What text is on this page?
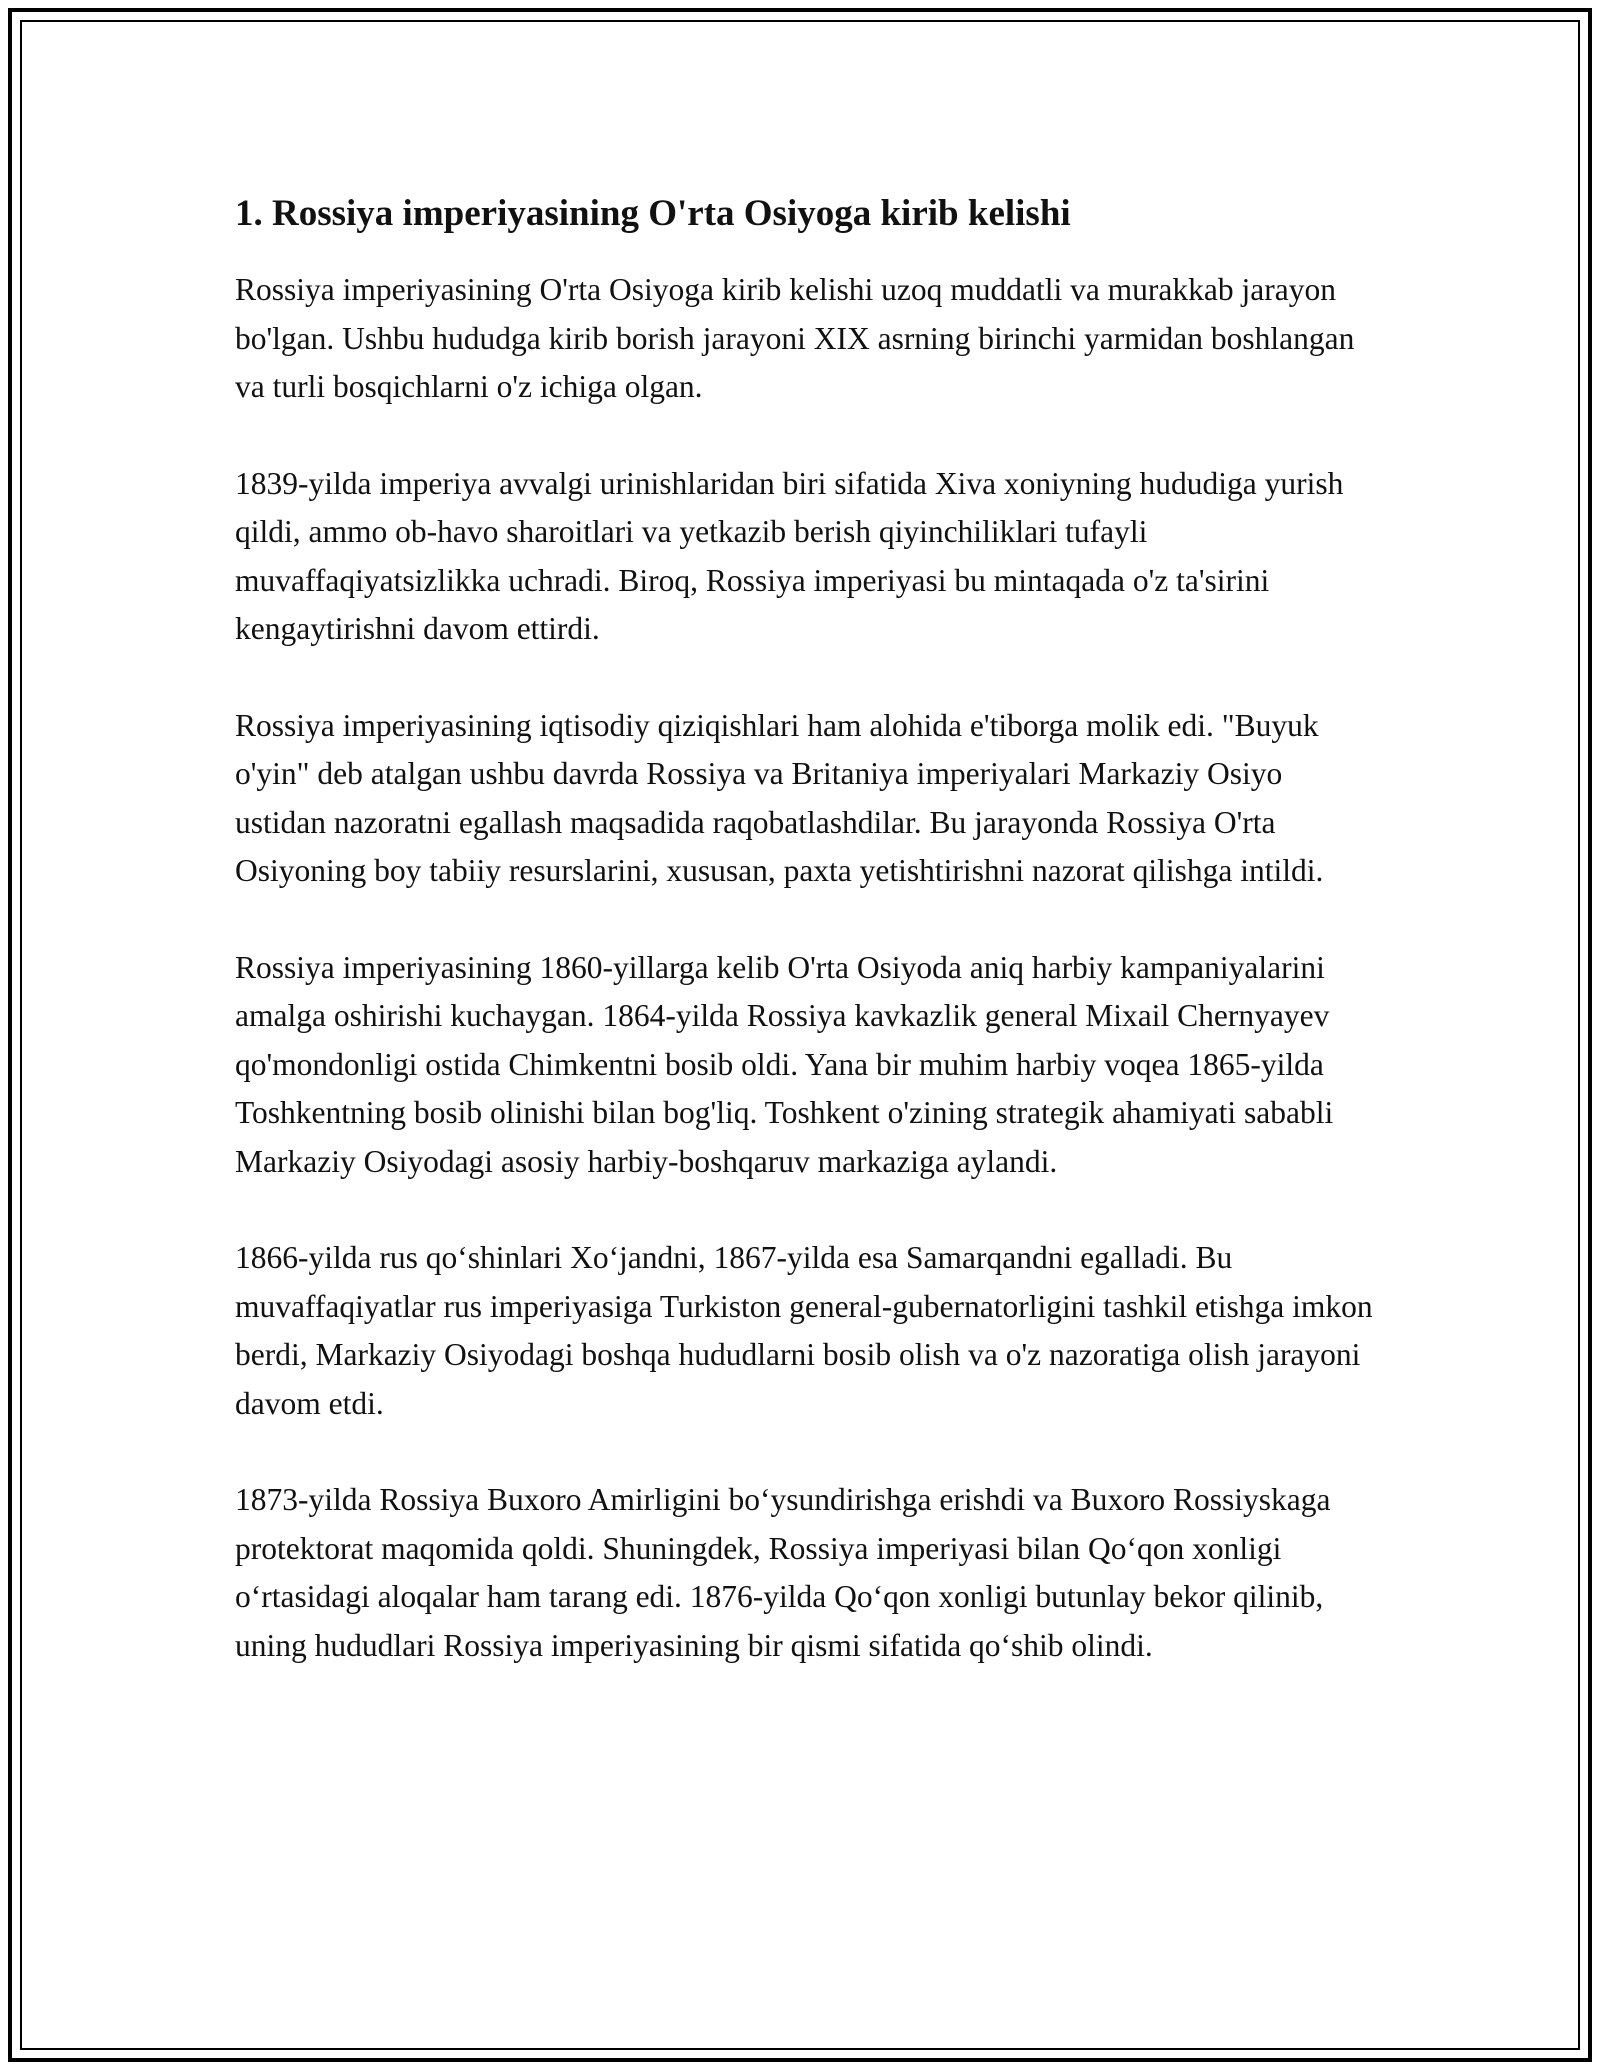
1. Rossiya imperiyasining O'rta Osiyoga kirib kelishi

Rossiya imperiyasining O'rta Osiyoga kirib kelishi uzoq muddatli va murakkab jarayon bo'lgan. Ushbu hududga kirib borish jarayoni XIX asrning birinchi yarmidan boshlangan va turli bosqichlarni o'z ichiga olgan.

1839-yilda imperiya avvalgi urinishlaridan biri sifatida Xiva xoniyning hududiga yurish qildi, ammo ob-havo sharoitlari va yetkazib berish qiyinchiliklari tufayli muvaffaqiyatsizlikka uchradi. Biroq, Rossiya imperiyasi bu mintaqada o'z ta'sirini kengaytirishni davom ettirdi.

Rossiya imperiyasining iqtisodiy qiziqishlari ham alohida e'tiborga molik edi. "Buyuk o'yin" deb atalgan ushbu davrda Rossiya va Britaniya imperiyalari Markaziy Osiyo ustidan nazoratni egallash maqsadida raqobatlashdilar. Bu jarayonda Rossiya O'rta Osiyoning boy tabiiy resurslarini, xususan, paxta yetishtirishni nazorat qilishga intildi.

Rossiya imperiyasining 1860-yillarga kelib O'rta Osiyoda aniq harbiy kampaniyalarini amalga oshirishi kuchaygan. 1864-yilda Rossiya kavkazlik general Mixail Chernyayev qo'mondonligi ostida Chimkentni bosib oldi. Yana bir muhim harbiy voqea 1865-yilda Toshkentning bosib olinishi bilan bog'liq. Toshkent o'zining strategik ahamiyati sababli Markaziy Osiyodagi asosiy harbiy-boshqaruv markaziga aylandi.

1866-yilda rus qo‘shinlari Xo‘jandni, 1867-yilda esa Samarqandni egalladi. Bu muvaffaqiyatlar rus imperiyasiga Turkiston general-gubernatorligini tashkil etishga imkon berdi, Markaziy Osiyodagi boshqa hududlarni bosib olish va o'z nazoratiga olish jarayoni davom etdi.

1873-yilda Rossiya Buxoro Amirligini bo‘ysundirishga erishdi va Buxoro Rossiyskaga protektorat maqomida qoldi. Shuningdek, Rossiya imperiyasi bilan Qo‘qon xonligi o‘rtasidagi aloqalar ham tarang edi. 1876-yilda Qo‘qon xonligi butunlay bekor qilinib, uning hududlari Rossiya imperiyasining bir qismi sifatida qo‘shib olindi.
